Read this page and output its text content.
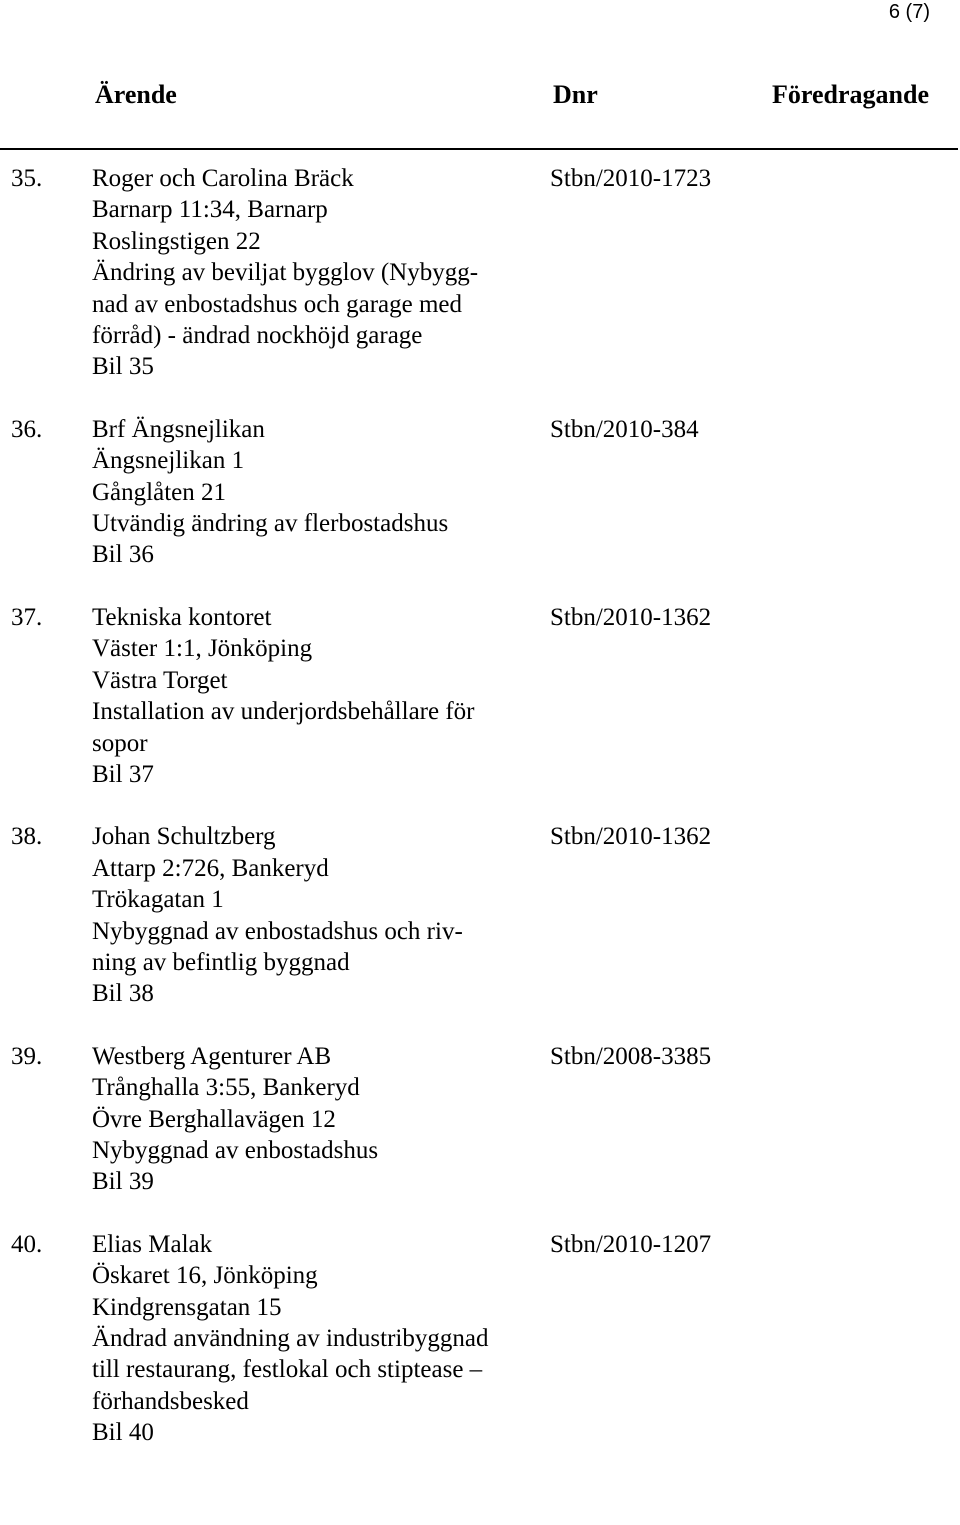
6 (7)
Ärende	Dnr	Föredragande
35. Roger och Carolina Bräck
Barnarp 11:34, Barnarp
Roslingstigen 22
Ändring av beviljat bygglov (Nybygg-
nad av enbostadshus och garage med
förråd) - ändrad nockhöjd garage
Bil 35
Stbn/2010-1723
36. Brf Ängsnejlikan
Ängsnejlikan 1
Gånglåten 21
Utvändig ändring av flerbostadshus
Bil 36
Stbn/2010-384
37. Tekniska kontoret
Väster 1:1, Jönköping
Västra Torget
Installation av underjordsbehållare för
sopor
Bil 37
Stbn/2010-1362
38. Johan Schultzberg
Attarp 2:726, Bankeryd
Trökagatan 1
Nybyggnad av enbostadshus och riv-
ning av befintlig byggnad
Bil 38
Stbn/2010-1362
39. Westberg Agenturer AB
Trånghalla 3:55, Bankeryd
Övre Berghallavägen 12
Nybyggnad av enbostadshus
Bil 39
Stbn/2008-3385
40. Elias Malak
Öskaret 16, Jönköping
Kindgrensgatan 15
Ändrad användning av industribyggnad
till restaurang, festlokal och stiptease –
förhandsbesked
Bil 40
Stbn/2010-1207
